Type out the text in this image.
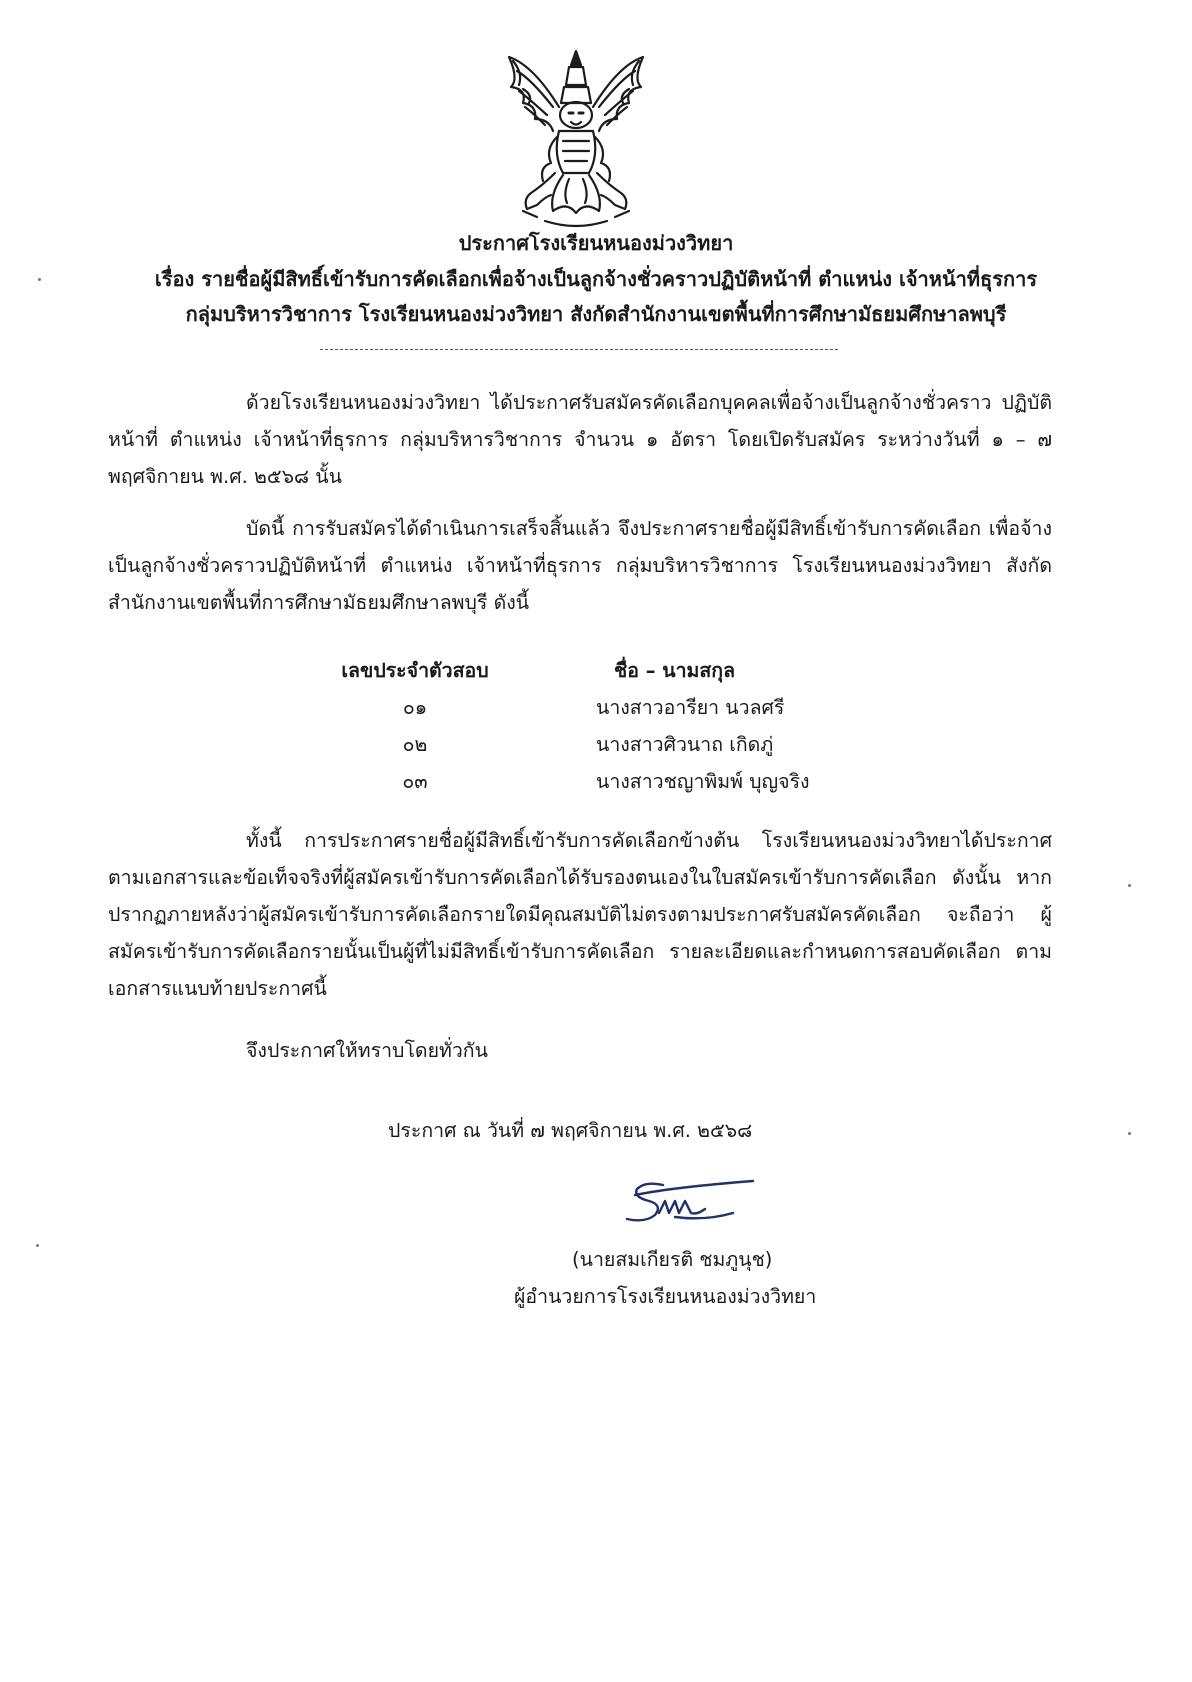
ประกาศโรงเรียนหนองม่วงวิทยา
เรื่อง รายชื่อผู้มีสิทธิ์เข้ารับการคัดเลือกเพื่อจ้างเป็นลูกจ้างชั่วคราวปฏิบัติหน้าที่ ตำแหน่ง เจ้าหน้าที่ธุรการ
กลุ่มบริหารวิชาการ โรงเรียนหนองม่วงวิทยา สังกัดสำนักงานเขตพื้นที่การศึกษามัธยมศึกษาลพบุรี
ด้วยโรงเรียนหนองม่วงวิทยา ได้ประกาศรับสมัครคัดเลือกบุคคลเพื่อจ้างเป็นลูกจ้างชั่วคราว ปฏิบัติหน้าที่ ตำแหน่ง เจ้าหน้าที่ธุรการ กลุ่มบริหารวิชาการ จำนวน ๑ อัตรา โดยเปิดรับสมัคร ระหว่างวันที่ ๑ – ๗ พฤศจิกายน พ.ศ. ๒๕๖๘ นั้น
บัดนี้ การรับสมัครได้ดำเนินการเสร็จสิ้นแล้ว จึงประกาศรายชื่อผู้มีสิทธิ์เข้ารับการคัดเลือก เพื่อจ้างเป็นลูกจ้างชั่วคราวปฏิบัติหน้าที่ ตำแหน่ง เจ้าหน้าที่ธุรการ กลุ่มบริหารวิชาการ โรงเรียนหนองม่วงวิทยา สังกัดสำนักงานเขตพื้นที่การศึกษามัธยมศึกษาลพบุรี ดังนี้
เลขประจำตัวสอบ	ชื่อ – นามสกุล
๐๑	นางสาวอารียา นวลศรี
๐๒	นางสาวศิวนาถ เกิดภู่
๐๓	นางสาวชญาพิมพ์ บุญจริง
ทั้งนี้ การประกาศรายชื่อผู้มีสิทธิ์เข้ารับการคัดเลือกข้างต้น โรงเรียนหนองม่วงวิทยาได้ประกาศ ตามเอกสารและข้อเท็จจริงที่ผู้สมัครเข้ารับการคัดเลือกได้รับรองตนเองในใบสมัครเข้ารับการคัดเลือก ดังนั้น หากปรากฏภายหลังว่าผู้สมัครเข้ารับการคัดเลือกรายใดมีคุณสมบัติไม่ตรงตามประกาศรับสมัครคัดเลือก จะถือว่า ผู้สมัครเข้ารับการคัดเลือกรายนั้นเป็นผู้ที่ไม่มีสิทธิ์เข้ารับการคัดเลือก รายละเอียดและกำหนดการสอบคัดเลือก ตามเอกสารแนบท้ายประกาศนี้
จึงประกาศให้ทราบโดยทั่วกัน
ประกาศ ณ วันที่ ๗ พฤศจิกายน พ.ศ. ๒๕๖๘
(นายสมเกียรติ ชมภูนุช)
ผู้อำนวยการโรงเรียนหนองม่วงวิทยา
